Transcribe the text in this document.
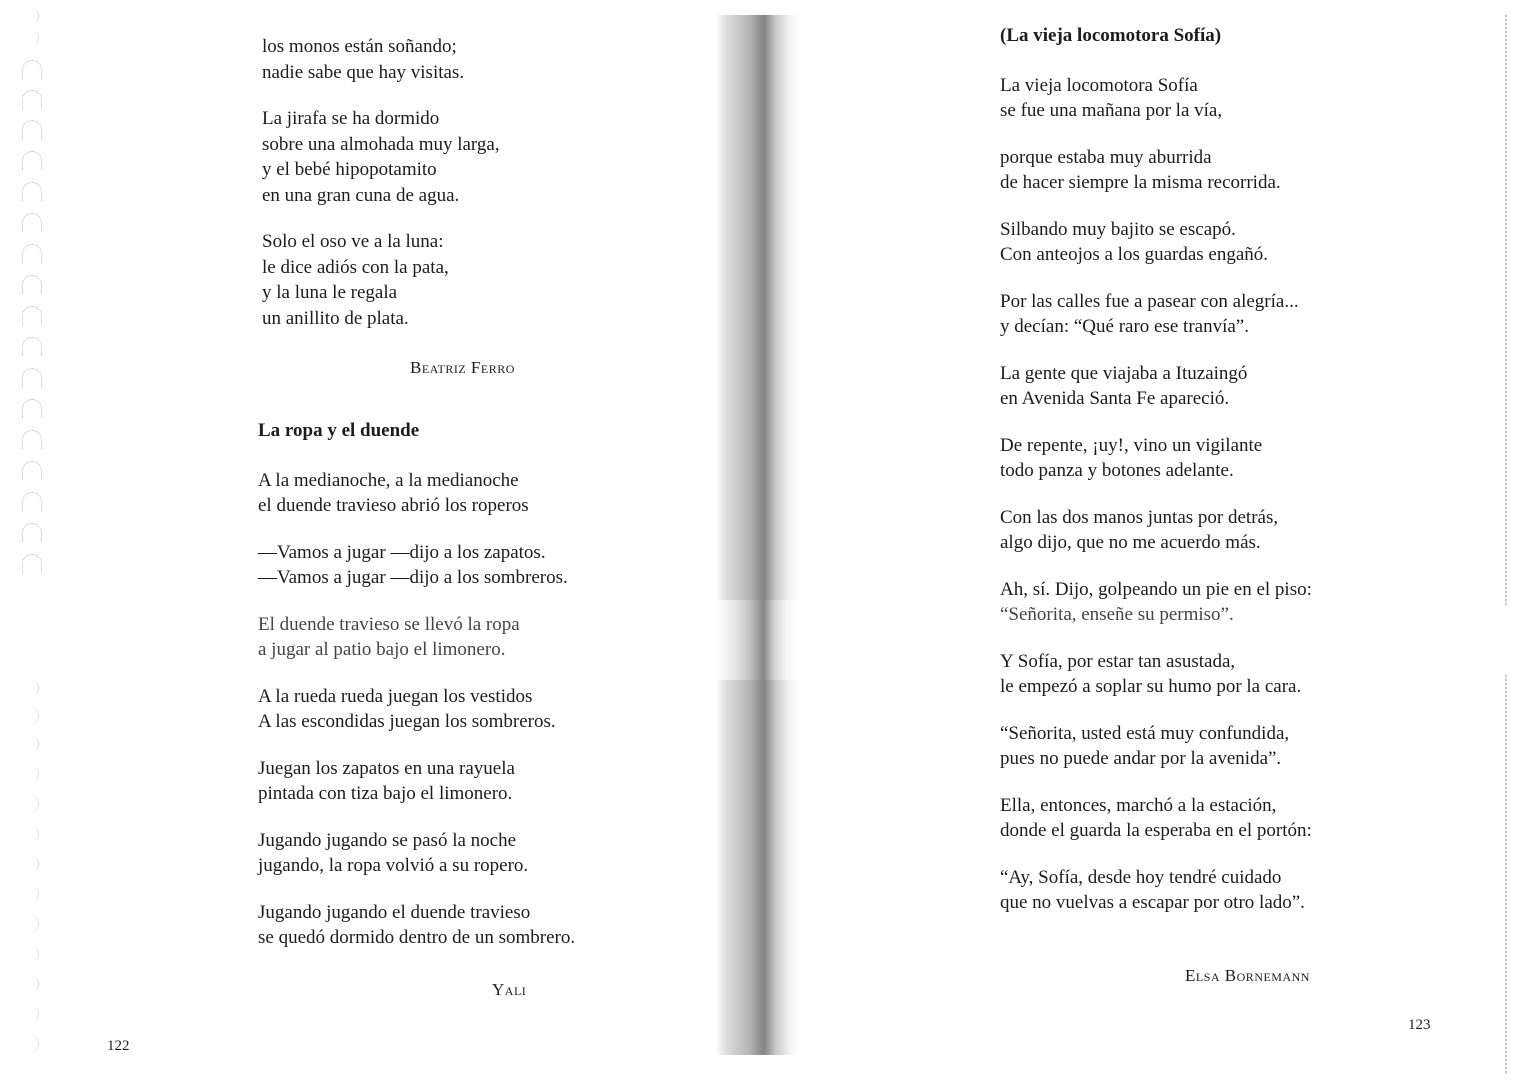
los monos están soñando;
nadie sabe que hay visitas.
La jirafa se ha dormido
sobre una almohada muy larga,
y el bebé hipopotamito
en una gran cuna de agua.
Solo el oso ve a la luna:
le dice adiós con la pata,
y la luna le regala
un anillito de plata.
Beatriz Ferro
La ropa y el duende
A la medianoche, a la medianoche
el duende travieso abrió los roperos
—Vamos a jugar —dijo a los zapatos.
—Vamos a jugar —dijo a los sombreros.
El duende travieso se llevó la ropa
a jugar al patio bajo el limonero.
A la rueda rueda juegan los vestidos
A las escondidas juegan los sombreros.
Juegan los zapatos en una rayuela
pintada con tiza bajo el limonero.
Jugando jugando se pasó la noche
jugando, la ropa volvió a su ropero.
Jugando jugando el duende travieso
se quedó dormido dentro de un sombrero.
Yali
122
(La vieja locomotora Sofía)
La vieja locomotora Sofía
se fue una mañana por la vía,
porque estaba muy aburrida
de hacer siempre la misma recorrida.
Silbando muy bajito se escapó.
Con anteojos a los guardas engañó.
Por las calles fue a pasear con alegría...
y decían: “Qué raro ese tranvía”.
La gente que viajaba a Ituzaingó
en Avenida Santa Fe apareció.
De repente, ¡uy!, vino un vigilante
todo panza y botones adelante.
Con las dos manos juntas por detrás,
algo dijo, que no me acuerdo más.
Ah, sí. Dijo, golpeando un pie en el piso:
“Señorita, enseñe su permiso”.
Y Sofía, por estar tan asustada,
le empezó a soplar su humo por la cara.
“Señorita, usted está muy confundida,
pues no puede andar por la avenida”.
Ella, entonces, marchó a la estación,
donde el guarda la esperaba en el portón:
“Ay, Sofía, desde hoy tendré cuidado
que no vuelvas a escapar por otro lado”.
Elsa Bornemann
123
